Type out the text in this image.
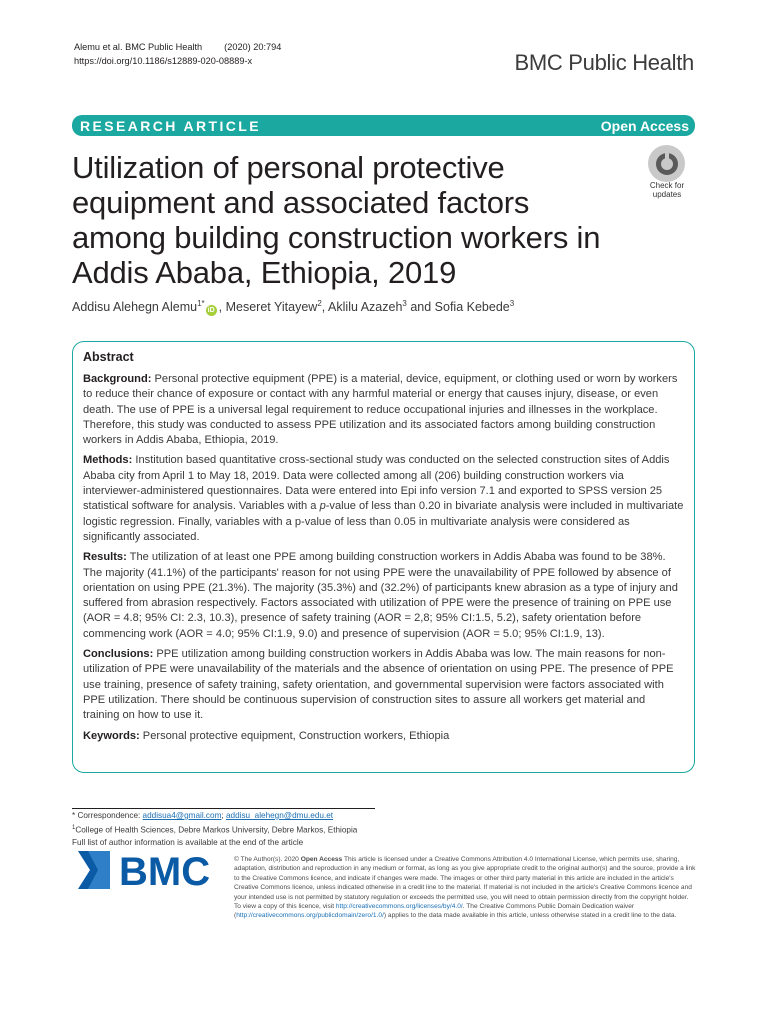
Alemu et al. BMC Public Health (2020) 20:794
https://doi.org/10.1186/s12889-020-08889-x	BMC Public Health
RESEARCH ARTICLE	Open Access
Utilization of personal protective equipment and associated factors among building construction workers in Addis Ababa, Ethiopia, 2019
Check for
updates
Addisu Alehegn Alemu$^{1*}$iD , Meseret Yitayew$^2$, Aklilu Azazeh$^3$ and Sofia Kebede$^3$
Abstract

Background: Personal protective equipment (PPE) is a material, device, equipment, or clothing used or worn by workers to reduce their chance of exposure or contact with any harmful material or energy that causes injury, disease, or even death. The use of PPE is a universal legal requirement to reduce occupational injuries and illnesses in the workplace. Therefore, this study was conducted to assess PPE utilization and its associated factors among building construction workers in Addis Ababa, Ethiopia, 2019.

Methods: Institution based quantitative cross-sectional study was conducted on the selected construction sites of Addis Ababa city from April 1 to May 18, 2019. Data were collected among all (206) building construction workers via interviewer-administered questionnaires. Data were entered into Epi info version 7.1 and exported to SPSS version 25 statistical software for analysis. Variables with a p-value of less than 0.20 in bivariate analysis were included in multivariate logistic regression. Finally, variables with a p-value of less than 0.05 in multivariate analysis were considered as significantly associated.

Results: The utilization of at least one PPE among building construction workers in Addis Ababa was found to be 38%. The majority (41.1%) of the participants' reason for not using PPE were the unavailability of PPE followed by absence of orientation on using PPE (21.3%). The majority (35.3%) and (32.2%) of participants knew abrasion as a type of injury and suffered from abrasion respectively. Factors associated with utilization of PPE were the presence of training on PPE use (AOR = 4.8; 95% CI: 2.3, 10.3), presence of safety training (AOR = 2,8; 95% CI:1.5, 5.2), safety orientation before commencing work (AOR = 4.0; 95% CI:1.9, 9.0) and presence of supervision (AOR = 5.0; 95% CI:1.9, 13).

Conclusions: PPE utilization among building construction workers in Addis Ababa was low. The main reasons for non-utilization of PPE were unavailability of the materials and the absence of orientation on using PPE. The presence of PPE use training, presence of safety training, safety orientation, and governmental supervision were factors associated with PPE utilization. There should be continuous supervision of construction sites to assure all workers get material and training on how to use it.

Keywords: Personal protective equipment, Construction workers, Ethiopia

* Correspondence: addisua4@gmail.com; addisu_alehegn@dmu.edu.et
$^1$College of Health Sciences, Debre Markos University, Debre Markos, Ethiopia
Full list of author information is available at the end of the article
BMC	© The Author(s). 2020 Open Access This article is licensed under a Creative Commons Attribution 4.0 International License, which permits use, sharing, adaptation, distribution and reproduction in any medium or format, as long as you give appropriate credit to the original author(s) and the source, provide a link to the Creative Commons licence, and indicate if changes were made. The images or other third party material in this article are included in the article's Creative Commons licence, unless indicated otherwise in a credit line to the material. If material is not included in the article's Creative Commons licence and your intended use is not permitted by statutory regulation or exceeds the permitted use, you will need to obtain permission directly from the copyright holder. To view a copy of this licence, visit http://creativecommons.org/licenses/by/4.0/. The Creative Commons Public Domain Dedication waiver (http://creativecommons.org/publicdomain/zero/1.0/) applies to the data made available in this article, unless otherwise stated in a credit line to the data.
